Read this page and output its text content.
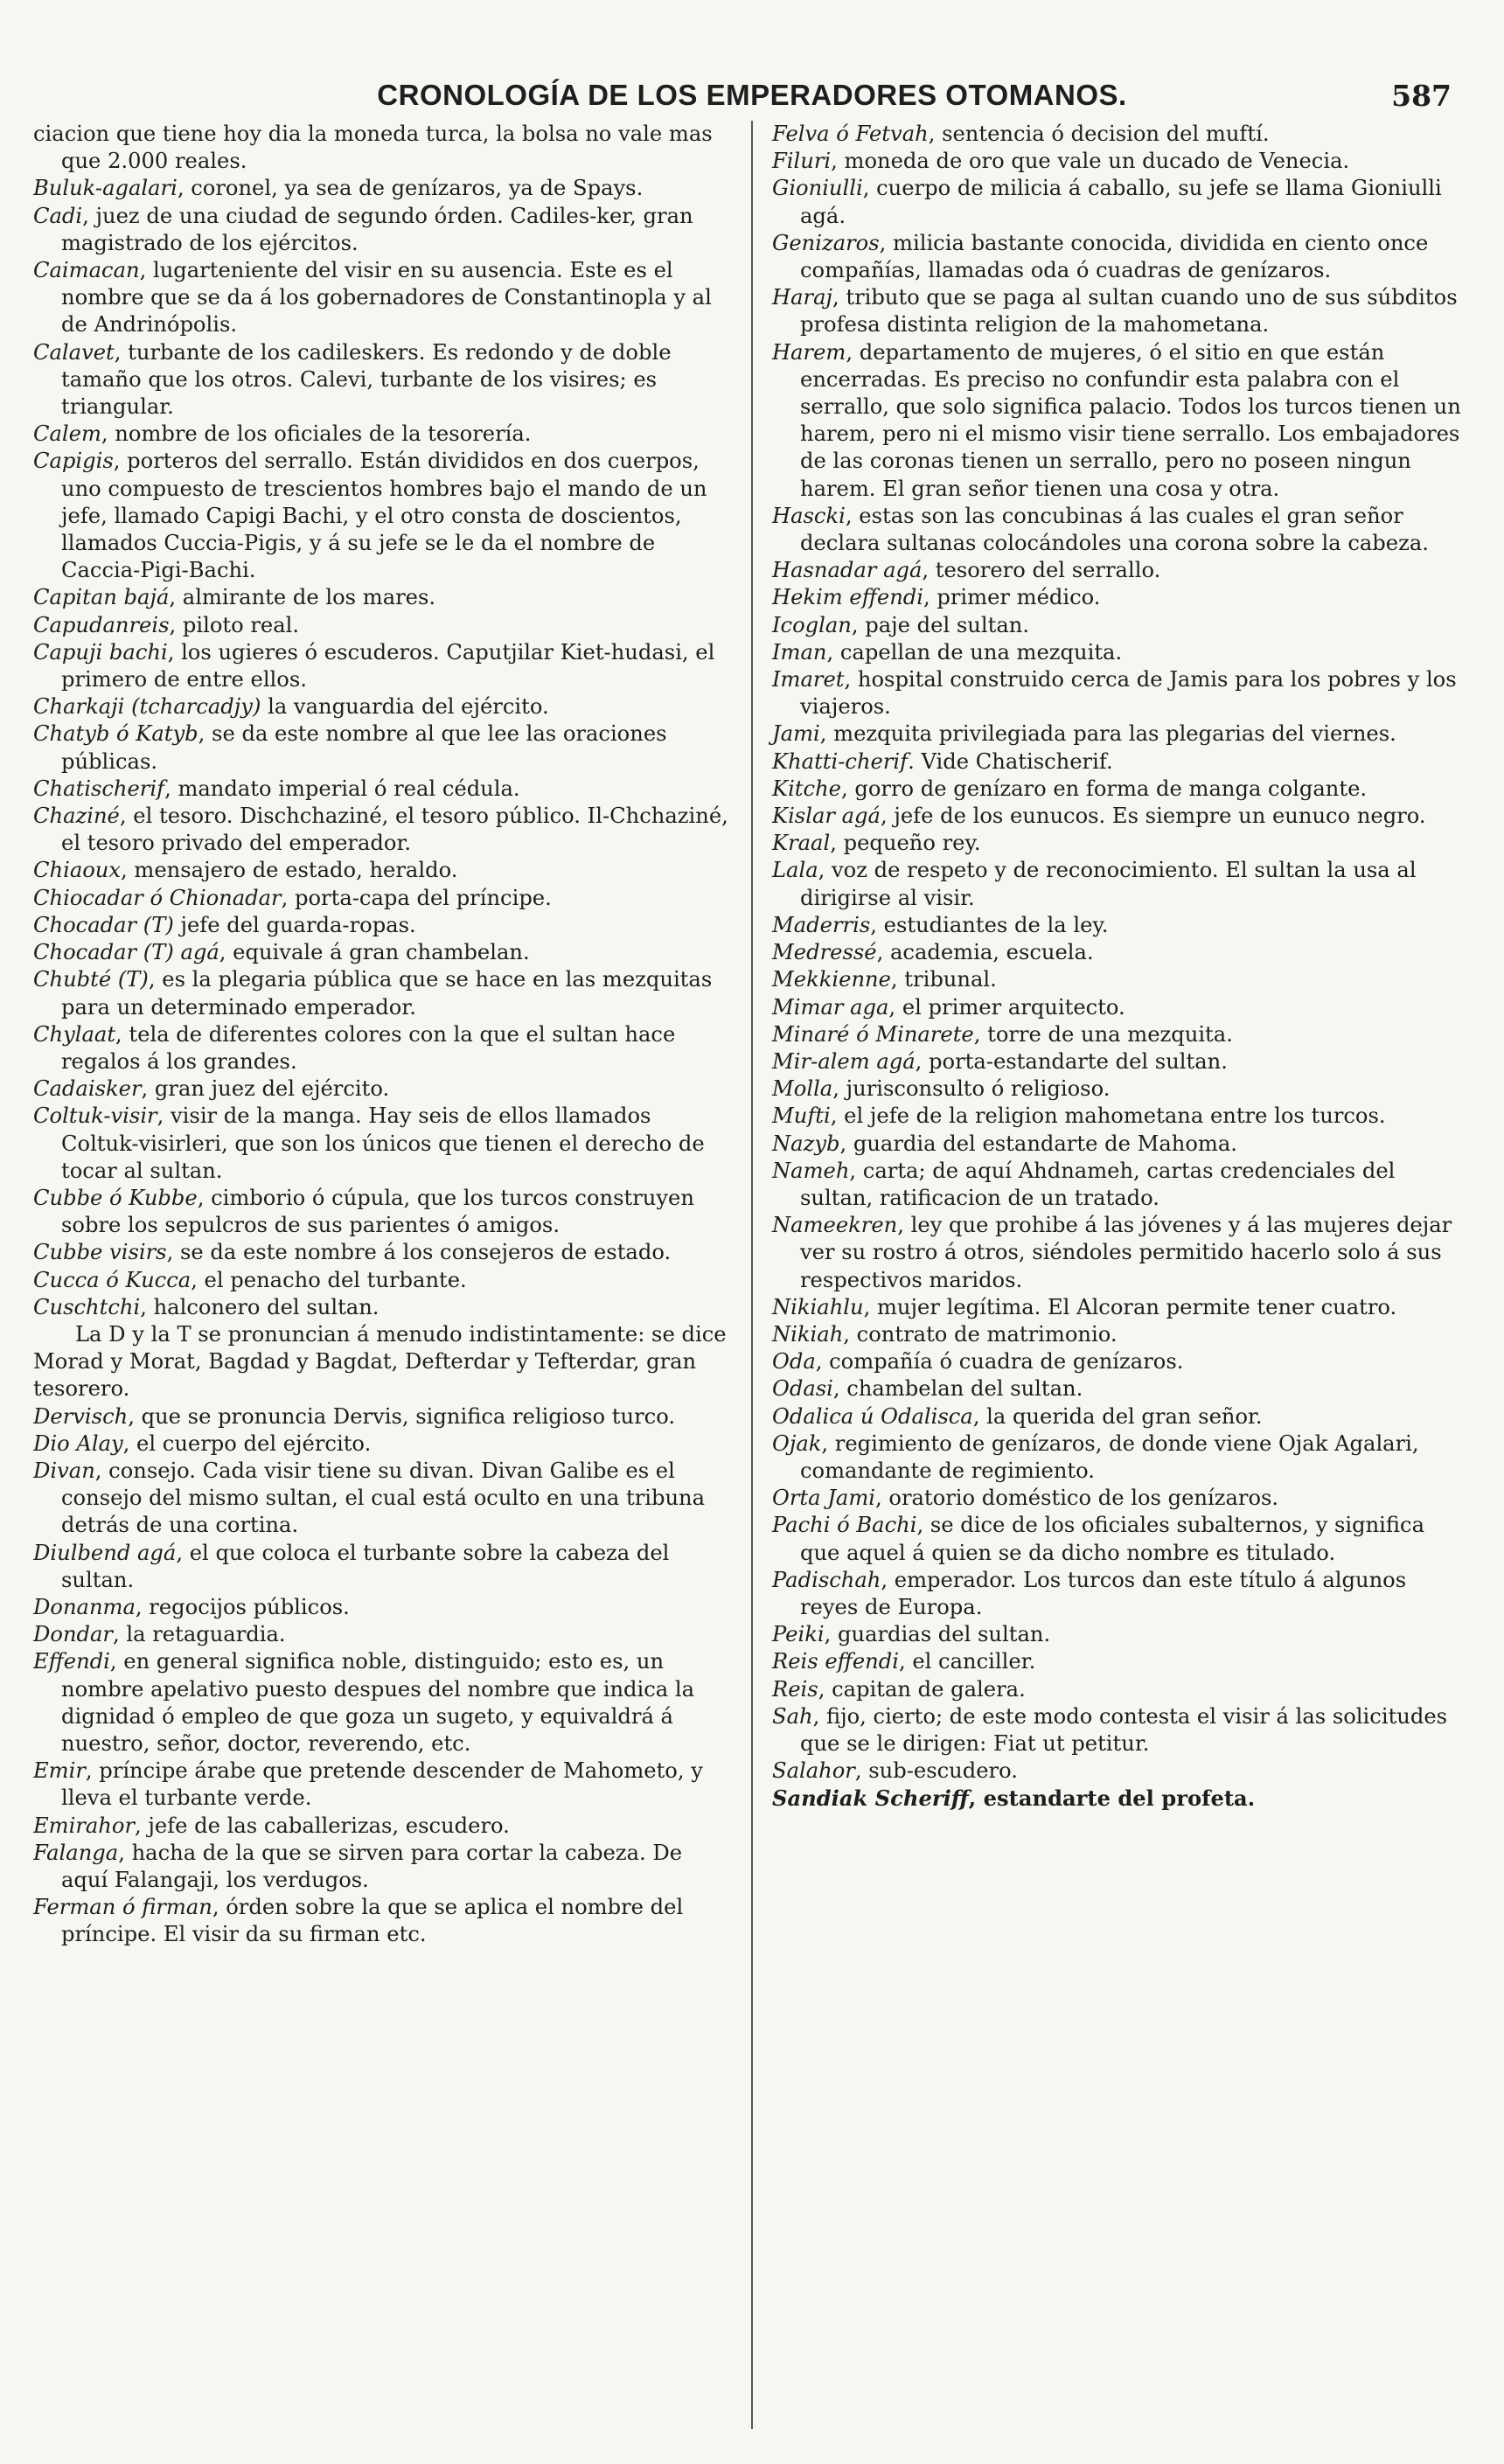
CRONOLOGÍA DE LOS EMPERADORES OTOMANOS.	587

ciacion que tiene hoy dia la moneda turca, la bolsa no vale mas que 2.000 reales.

Buluk-agalari, coronel, ya sea de genízaros, ya de Spays.

Cadi, juez de una ciudad de segundo órden. Cadiles-ker, gran magistrado de los ejércitos.

Caimacan, lugarteniente del visir en su ausencia. Este es el nombre que se da á los gobernadores de Constantinopla y al de Andrinópolis.

Calavet, turbante de los cadileskers. Es redondo y de doble tamaño que los otros. Calevi, turbante de los visires; es triangular.

Calem, nombre de los oficiales de la tesorería.

Capigis, porteros del serrallo. Están divididos en dos cuerpos, uno compuesto de trescientos hombres bajo el mando de un jefe, llamado Capigi Bachi, y el otro consta de doscientos, llamados Cuccia-Pigis, y á su jefe se le da el nombre de Caccia-Pigi-Bachi.

Capitan bajá, almirante de los mares.

Capudanreis, piloto real.

Capuji bachi, los ugieres ó escuderos. Caputjilar Kiet-hudasi, el primero de entre ellos.

Charkaji (tcharcadjy) la vanguardia del ejército.

Chatyb ó Katyb, se da este nombre al que lee las oraciones públicas.

Chatischerif, mandato imperial ó real cédula.

Chaziné, el tesoro. Dischchaziné, el tesoro público. Il-Chchaziné, el tesoro privado del emperador.

Chiaoux, mensajero de estado, heraldo.

Chiocadar ó Chionadar, porta-capa del príncipe.

Chocadar (T) jefe del guarda-ropas.

Chocadar (T) agá, equivale á gran chambelan.

Chubté (T), es la plegaria pública que se hace en las mezquitas para un determinado emperador.

Chylaat, tela de diferentes colores con la que el sultan hace regalos á los grandes.

Cadaisker, gran juez del ejército.

Coltuk-visir, visir de la manga. Hay seis de ellos llamados Coltuk-visirleri, que son los únicos que tienen el derecho de tocar al sultan.

Cubbe ó Kubbe, cimborio ó cúpula, que los turcos construyen sobre los sepulcros de sus parientes ó amigos.

Cubbe visirs, se da este nombre á los consejeros de estado.

Cucca ó Kucca, el penacho del turbante.

Cuschtchi, halconero del sultan.

La D y la T se pronuncian á menudo indistintamente: se dice Morad y Morat, Bagdad y Bagdat, Defterdar y Tefterdar, gran tesorero.

Dervisch, que se pronuncia Dervis, significa religioso turco.

Dio Alay, el cuerpo del ejército.

Divan, consejo. Cada visir tiene su divan. Divan Galibe es el consejo del mismo sultan, el cual está oculto en una tribuna detrás de una cortina.

Diulbend agá, el que coloca el turbante sobre la cabeza del sultan.

Donanma, regocijos públicos.

Dondar, la retaguardia.

Effendi, en general significa noble, distinguido; esto es, un nombre apelativo puesto despues del nombre que indica la dignidad ó empleo de que goza un sugeto, y equivaldrá á nuestro, señor, doctor, reverendo, etc.

Emir, príncipe árabe que pretende descender de Mahometo, y lleva el turbante verde.

Emirahor, jefe de las caballerizas, escudero.

Falanga, hacha de la que se sirven para cortar la cabeza. De aquí Falangaji, los verdugos.

Ferman ó firman, órden sobre la que se aplica el nombre del príncipe. El visir da su firman etc.

Felva ó Fetvah, sentencia ó decision del muftí.

Filuri, moneda de oro que vale un ducado de Venecia.

Gioniulli, cuerpo de milicia á caballo, su jefe se llama Gioniulli agá.

Genizaros, milicia bastante conocida, dividida en ciento once compañías, llamadas oda ó cuadras de genízaros.

Haraj, tributo que se paga al sultan cuando uno de sus súbditos profesa distinta religion de la mahometana.

Harem, departamento de mujeres, ó el sitio en que están encerradas. Es preciso no confundir esta palabra con el serrallo, que solo significa palacio. Todos los turcos tienen un harem, pero ni el mismo visir tiene serrallo. Los embajadores de las coronas tienen un serrallo, pero no poseen ningun harem. El gran señor tienen una cosa y otra.

Hascki, estas son las concubinas á las cuales el gran señor declara sultanas colocándoles una corona sobre la cabeza.

Hasnadar agá, tesorero del serrallo.

Hekim effendi, primer médico.

Icoglan, paje del sultan.

Iman, capellan de una mezquita.

Imaret, hospital construido cerca de Jamis para los pobres y los viajeros.

Jami, mezquita privilegiada para las plegarias del viernes.

Khatti-cherif. Vide Chatischerif.

Kitche, gorro de genízaro en forma de manga colgante.

Kislar agá, jefe de los eunucos. Es siempre un eunuco negro.

Kraal, pequeño rey.

Lala, voz de respeto y de reconocimiento. El sultan la usa al dirigirse al visir.

Maderris, estudiantes de la ley.

Medressé, academia, escuela.

Mekkienne, tribunal.

Mimar aga, el primer arquitecto.

Minaré ó Minarete, torre de una mezquita.

Mir-alem agá, porta-estandarte del sultan.

Molla, jurisconsulto ó religioso.

Mufti, el jefe de la religion mahometana entre los turcos.

Nazyb, guardia del estandarte de Mahoma.

Nameh, carta; de aquí Ahdnameh, cartas credenciales del sultan, ratificacion de un tratado.

Nameekren, ley que prohibe á las jóvenes y á las mujeres dejar ver su rostro á otros, siéndoles permitido hacerlo solo á sus respectivos maridos.

Nikiahlu, mujer legítima. El Alcoran permite tener cuatro.

Nikiah, contrato de matrimonio.

Oda, compañía ó cuadra de genízaros.

Odasi, chambelan del sultan.

Odalica ú Odalisca, la querida del gran señor.

Ojak, regimiento de genízaros, de donde viene Ojak Agalari, comandante de regimiento.

Orta Jami, oratorio doméstico de los genízaros.

Pachi ó Bachi, se dice de los oficiales subalternos, y significa que aquel á quien se da dicho nombre es titulado.

Padischah, emperador. Los turcos dan este título á algunos reyes de Europa.

Peiki, guardias del sultan.

Reis effendi, el canciller.

Reis, capitan de galera.

Sah, fijo, cierto; de este modo contesta el visir á las solicitudes que se le dirigen: Fiat ut petitur.

Salahor, sub-escudero.

Sandiak Scheriff, estandarte del profeta.
